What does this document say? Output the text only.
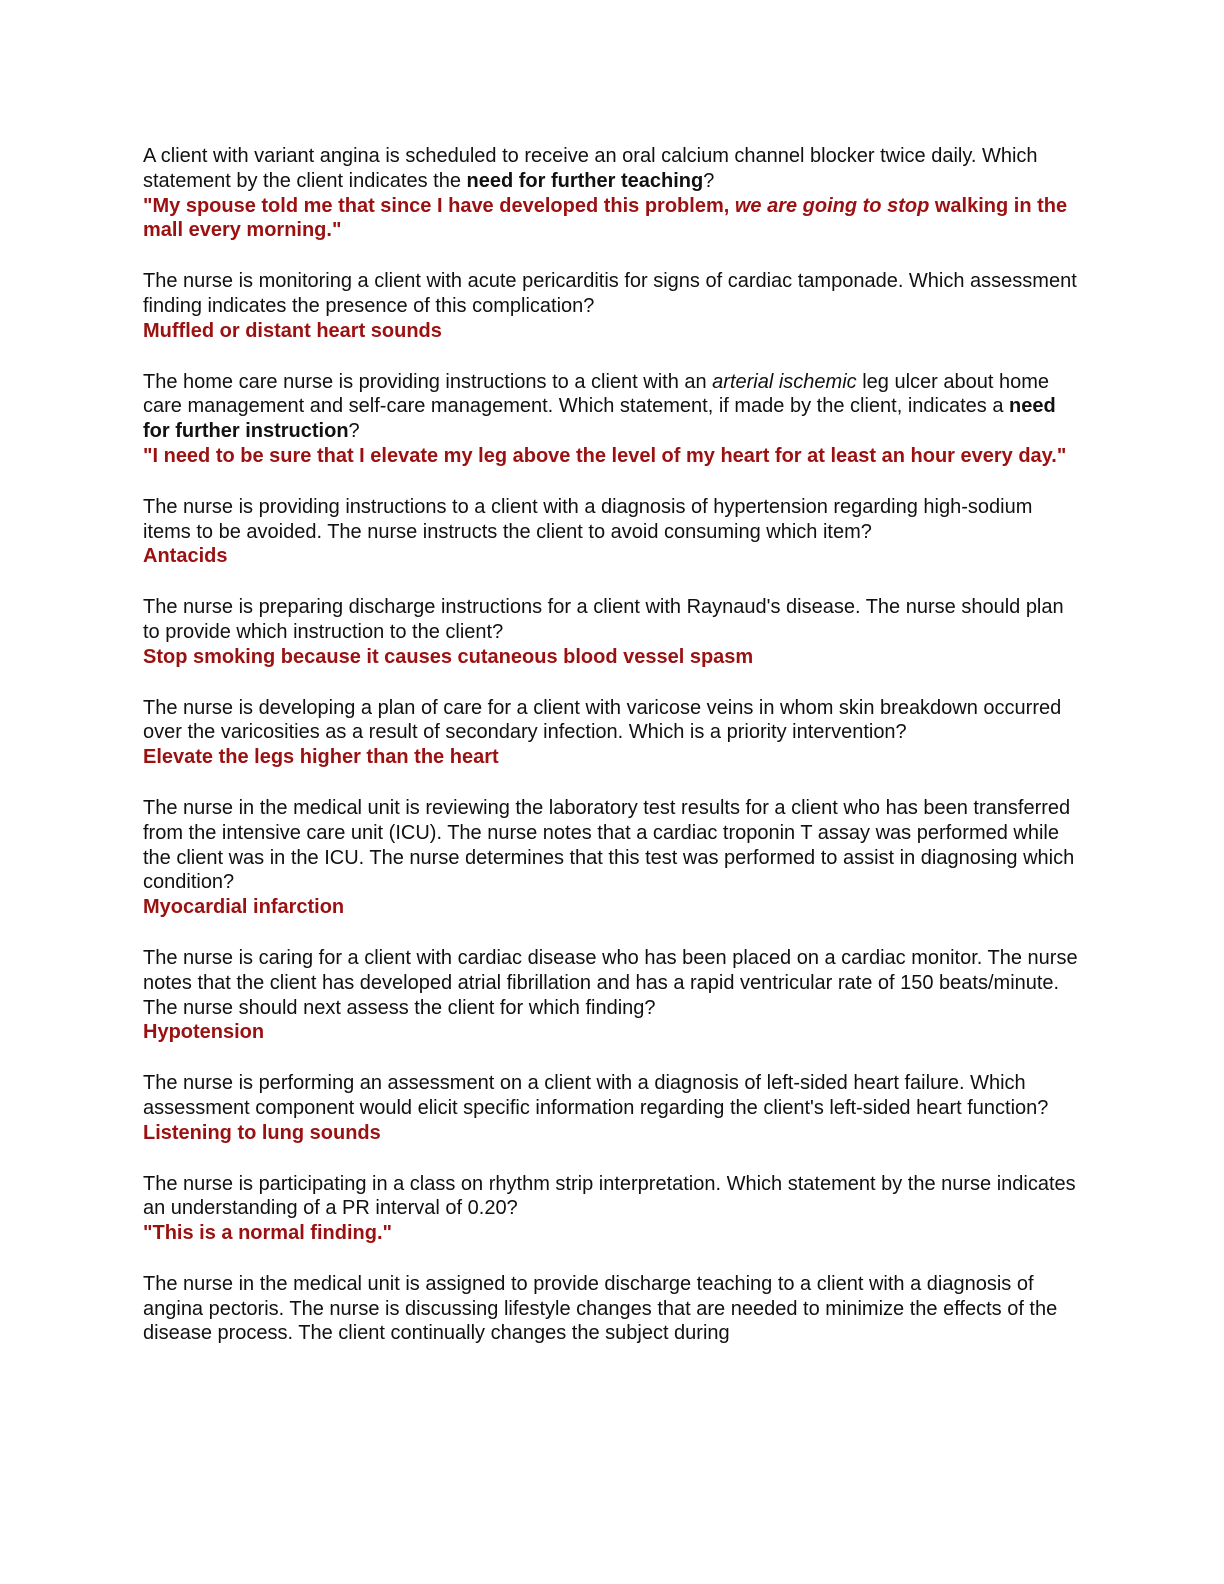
A client with variant angina is scheduled to receive an oral calcium channel blocker twice daily. Which statement by the client indicates the need for further teaching?

"My spouse told me that since I have developed this problem, we are going to stop walking in the mall every morning."

The nurse is monitoring a client with acute pericarditis for signs of cardiac tamponade. Which assessment finding indicates the presence of this complication?

Muffled or distant heart sounds

The home care nurse is providing instructions to a client with an arterial ischemic leg ulcer about home care management and self-care management. Which statement, if made by the client, indicates a need for further instruction?

"I need to be sure that I elevate my leg above the level of my heart for at least an hour every day."

The nurse is providing instructions to a client with a diagnosis of hypertension regarding high-sodium items to be avoided. The nurse instructs the client to avoid consuming which item?

Antacids

The nurse is preparing discharge instructions for a client with Raynaud's disease. The nurse should plan to provide which instruction to the client?

Stop smoking because it causes cutaneous blood vessel spasm

The nurse is developing a plan of care for a client with varicose veins in whom skin breakdown occurred over the varicosities as a result of secondary infection. Which is a priority intervention?

Elevate the legs higher than the heart

The nurse in the medical unit is reviewing the laboratory test results for a client who has been transferred from the intensive care unit (ICU). The nurse notes that a cardiac troponin T assay was performed while the client was in the ICU. The nurse determines that this test was performed to assist in diagnosing which condition?

Myocardial infarction

The nurse is caring for a client with cardiac disease who has been placed on a cardiac monitor. The nurse notes that the client has developed atrial fibrillation and has a rapid ventricular rate of 150 beats/minute. The nurse should next assess the client for which finding?

Hypotension

The nurse is performing an assessment on a client with a diagnosis of left-sided heart failure. Which assessment component would elicit specific information regarding the client's left-sided heart function?

Listening to lung sounds

The nurse is participating in a class on rhythm strip interpretation. Which statement by the nurse indicates an understanding of a PR interval of 0.20?

"This is a normal finding."

The nurse in the medical unit is assigned to provide discharge teaching to a client with a diagnosis of angina pectoris. The nurse is discussing lifestyle changes that are needed to minimize the effects of the disease process. The client continually changes the subject during
